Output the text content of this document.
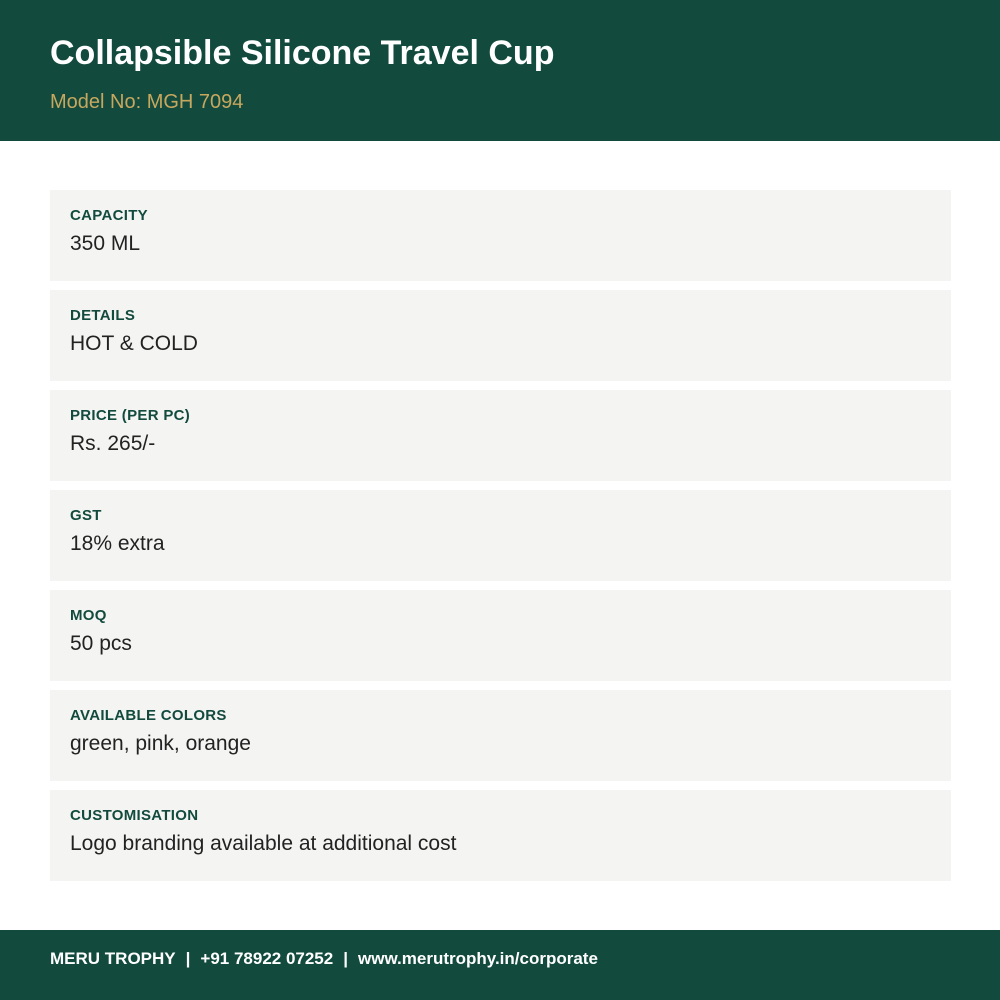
Collapsible Silicone Travel Cup
Model No: MGH 7094
CAPACITY
350 ML
DETAILS
HOT & COLD
PRICE (PER PC)
Rs. 265/-
GST
18% extra
MOQ
50 pcs
AVAILABLE COLORS
green, pink, orange
CUSTOMISATION
Logo branding available at additional cost
MERU TROPHY | +91 78922 07252 | www.merutrophy.in/corporate
